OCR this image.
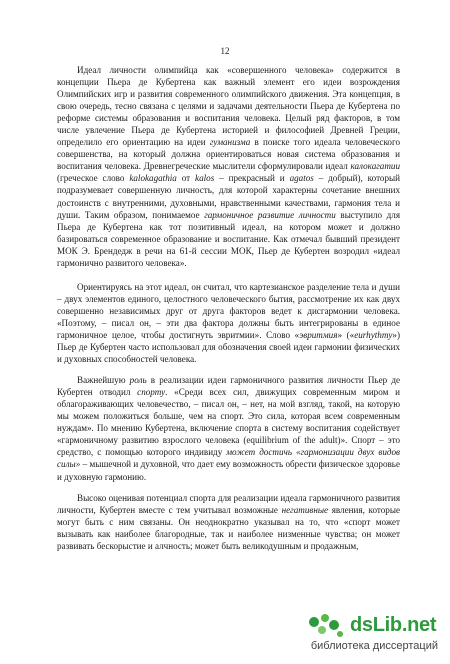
12

Идеал личности олимпийца как «совершенного человека» содержится в концепции Пьера де Кубертена как важный элемент его идеи возрождения Олимпийских игр и развития современного олимпийского движения. Эта концепция, в свою очередь, тесно связана с целями и задачами деятельности Пьера де Кубертена по реформе системы образования и воспитания человека. Целый ряд факторов, в том числе увлечение Пьера де Кубертена историей и философией Древней Греции, определило его ориентацию на идеи гуманизма в поиске того идеала человеческого совершенства, на который должна ориентироваться новая система образования и воспитания человека. Древнегреческие мыслители сформулировали идеал калокагатии (греческое слово kalokagathia от kalos – прекрасный и agatos – добрый), который подразумевает совершенную личность, для которой характерны сочетание внешних достоинств с внутренними, духовными, нравственными качествами, гармония тела и души. Таким образом, понимаемое гармоничное развитие личности выступило для Пьера де Кубертена как тот позитивный идеал, на котором может и должно базироваться современное образование и воспитание. Как отмечал бывший президент МОК Э. Брендедж в речи на 61-й сессии МОК, Пьер де Кубертен возродил «идеал гармонично развитого человека».

Ориентируясь на этот идеал, он считал, что картезианское разделение тела и души – двух элементов единого, целостного человеческого бытия, рассмотрение их как двух совершенно независимых друг от друга факторов ведет к дисгармонии человека. «Поэтому, – писал он, – эти два фактора должны быть интегрированы в единое гармоничное целое, чтобы достигнуть эвритмии». Слово «эвритмия» («eurhythmy») Пьер де Кубертен часто использовал для обозначения своей идеи гармонии физических и духовных способностей человека.

Важнейшую роль в реализации идеи гармоничного развития личности Пьер де Кубертен отводил спорту. «Среди всех сил, движущих современным миром и облагораживающих человечество, – писал он, – нет, на мой взгляд, такой, на которую мы можем положиться больше, чем на спорт. Это сила, которая всем современным нуждам». По мнению Кубертена, включение спорта в систему воспитания содействует «гармоничному развитию взрослого человека (equilibrium of the adult)». Спорт – это средство, с помощью которого индивиду может достичь «гармонизации двух видов силы» – мышечной и духовной, что дает ему возможность обрести физическое здоровье и духовную гармонию.

Высоко оценивая потенциал спорта для реализации идеала гармоничного развития личности, Кубертен вместе с тем учитывал возможные негативные явления, которые могут быть с ним связаны. Он неоднократно указывал на то, что «спорт может вызывать как наиболее благородные, так и наиболее низменные чувства; он может развивать бескорыстие и алчность; может быть великодушным и продажным,

dsLib.net
библиотека диссертаций
